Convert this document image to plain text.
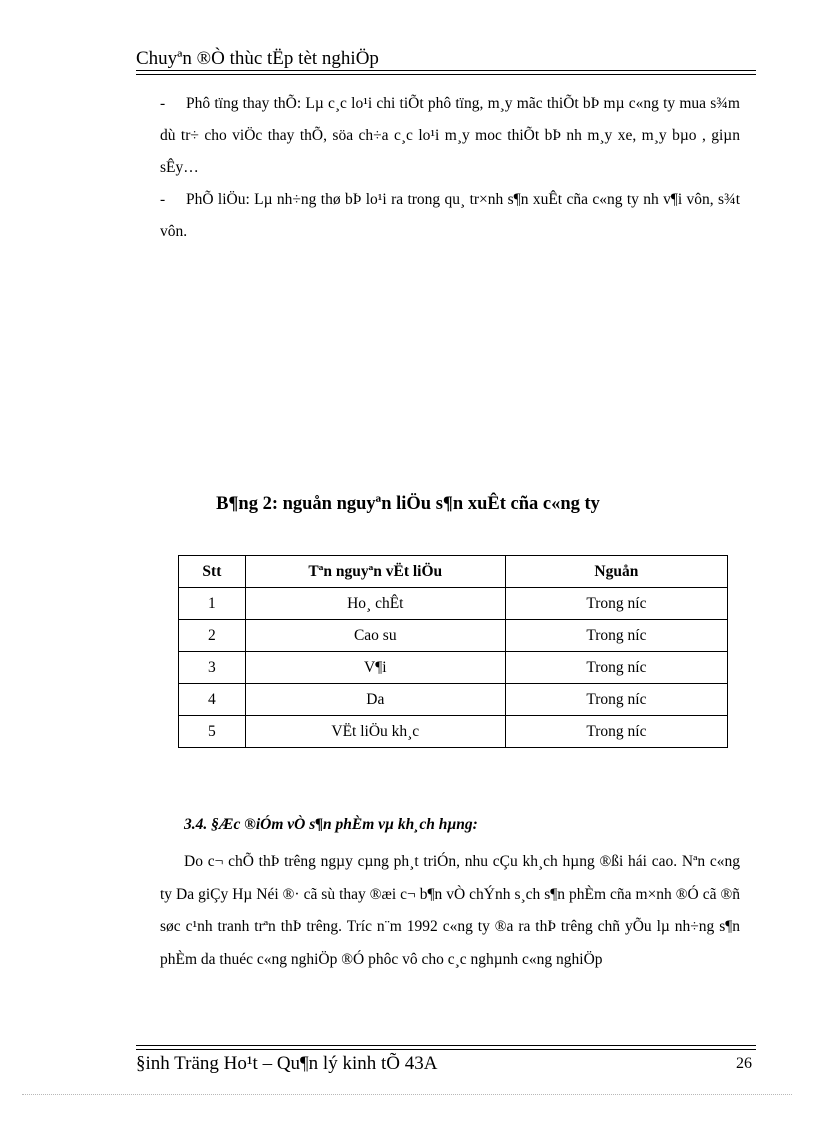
Chuyªn ®Ò thùc tËp tèt nghiÖp

- Phô tïng thay thÕ: Lµ c¸c lo¹i chi tiÕt phô tïng, m¸y mãc thiÕt bÞ mµ c«ng ty mua s¾m dù tr÷ cho viÖc thay thÕ, söa ch÷a c¸c lo¹i m¸y moc thiÕt bÞ nh m¸y xe, m¸y bµo , giµn sÊy…

- PhÕ liÖu: Lµ nh÷ng thø bÞ lo¹i ra trong qu¸ tr×nh s¶n xuÊt cña c«ng ty nh v¶i vôn, s¾t vôn.

B¶ng 2: nguån nguyªn liÖu s¶n xuÊt cña c«ng ty
Stt	Tªn nguyªn vËt liÖu	Nguån
1	Ho¸ chÊt	Trong níc
2	Cao su	Trong níc
3	V¶i	Trong níc
4	Da	Trong níc
5	VËt liÖu kh¸c	Trong níc
3.4. §Æc ®iÓm vÒ s¶n phÈm vµ kh¸ch hµng:
Do c¬ chÕ thÞ trêng ngµy cµng ph¸t triÓn, nhu cÇu kh¸ch hµng ®ßi hái cao. Nªn c«ng ty Da giÇy Hµ Néi ®· cã sù thay ®æi c¬ b¶n vÒ chÝnh s¸ch s¶n phÈm cña m×nh ®Ó cã ®ñ søc c¹nh tranh trªn thÞ trêng. Tríc n¨m 1992 c«ng ty ®a ra thÞ trêng chñ yÕu lµ nh÷ng s¶n phÈm da thuéc c«ng nghiÖp ®Ó phôc vô cho c¸c nghµnh c«ng nghiÖp
§inh Träng Ho¹t – Qu¶n lý kinh tÕ 43A	26
